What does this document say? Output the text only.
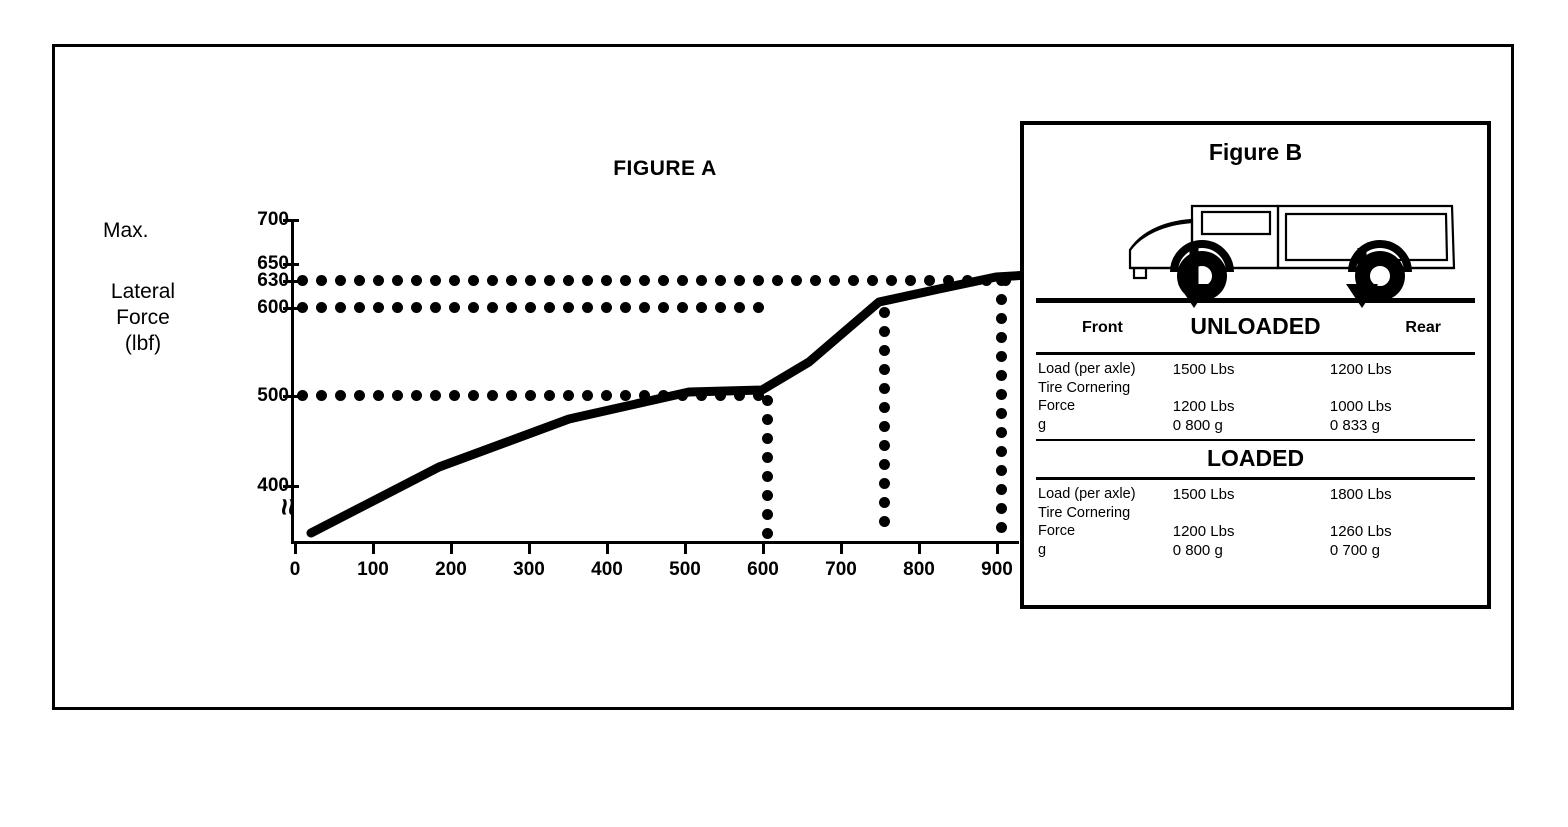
FIGURE A
Lateral
Force
(lbf)
Max.
≈
700
650
630
600
500
400
0	100	200	300	400	500	600	700	800	900
Figure B
Front	UNLOADED	Rear
Load (per axle)	1500 Lbs	1200 Lbs
Tire Cornering		
Force	1200 Lbs	1000 Lbs
g	0 800 g	0 833 g
LOADED
Load (per axle)	1500 Lbs	1800 Lbs
Tire Cornering		
Force	1200 Lbs	1260 Lbs
g	0 800 g	0 700 g
